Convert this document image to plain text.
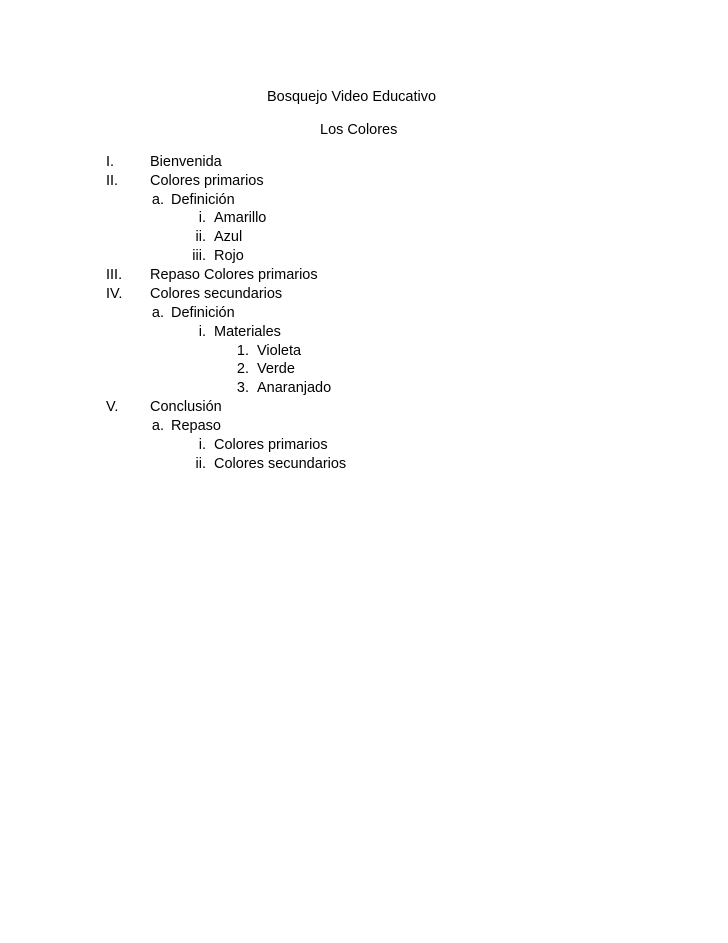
Bosquejo Video Educativo
Los Colores
I.	Bienvenida
II.	Colores primarios
a. Definición
i. Amarillo
ii. Azul
iii. Rojo
III.	Repaso Colores primarios
IV.	Colores secundarios
a. Definición
i. Materiales
1. Violeta
2. Verde
3. Anaranjado
V.	Conclusión
a. Repaso
i. Colores primarios
ii. Colores secundarios
